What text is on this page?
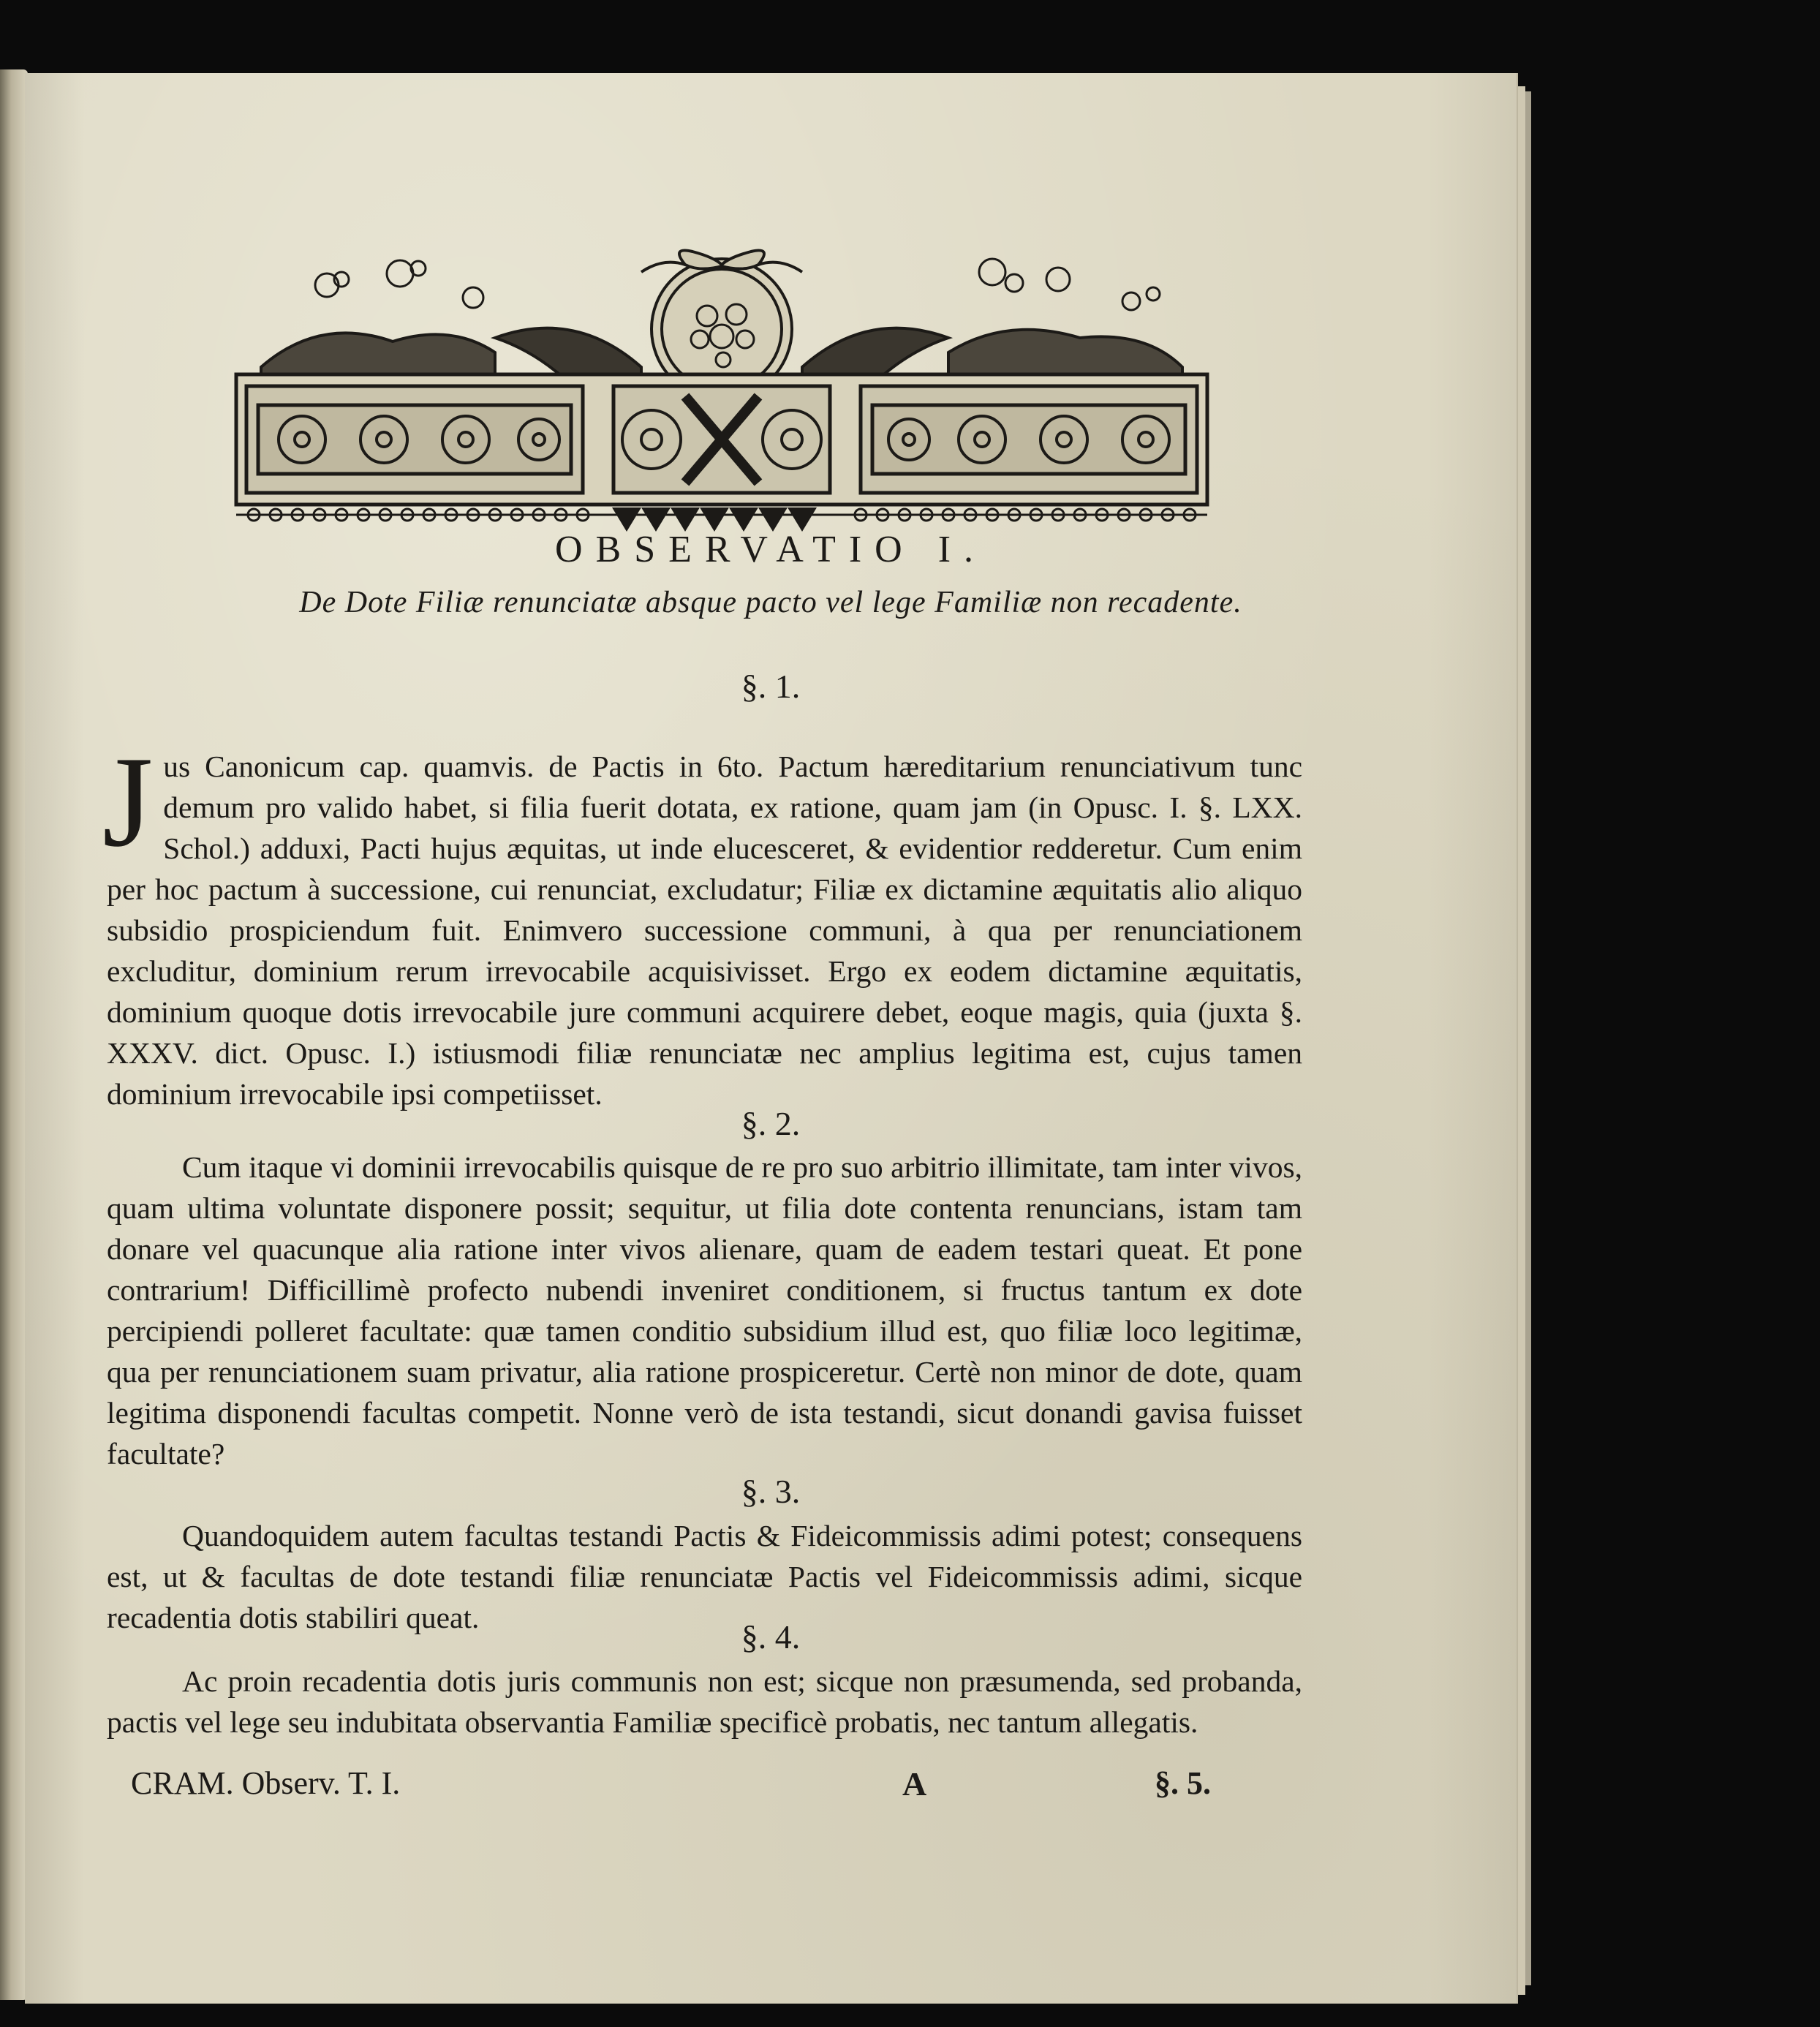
OBSERVATIO I.
De Dote Filiæ renunciatæ absque pacto vel lege Familiæ non recadente.
§. 1.
J us Canonicum cap. quamvis. de Pactis in 6to. Pactum hæreditarium renunciativum tunc demum pro valido habet, si filia fuerit dotata, ex ratione, quam jam (in Opusc. I. §. LXX. Schol.) adduxi, Pacti hujus æquitas, ut inde elucesceret, & evidentior redderetur. Cum enim per hoc pactum à successione, cui renunciat, excludatur; Filiæ ex dictamine æquitatis alio aliquo subsidio prospiciendum fuit. Enimvero successione communi, à qua per renunciationem excluditur, dominium rerum irrevocabile acquisivisset. Ergo ex eodem dictamine æquitatis, dominium quoque dotis irrevocabile jure communi acquirere debet, eoque magis, quia (juxta §. XXXV. dict. Opusc. I.) istiusmodi filiæ renunciatæ nec amplius legitima est, cujus tamen dominium irrevocabile ipsi competiisset.
§. 2.
Cum itaque vi dominii irrevocabilis quisque de re pro suo arbitrio illimitate, tam inter vivos, quam ultima voluntate disponere possit; sequitur, ut filia dote contenta renuncians, istam tam donare vel quacunque alia ratione inter vivos alienare, quam de eadem testari queat. Et pone contrarium! Difficillimè profecto nubendi inveniret conditionem, si fructus tantum ex dote percipiendi polleret facultate: quæ tamen conditio subsidium illud est, quo filiæ loco legitimæ, qua per renunciationem suam privatur, alia ratione prospiceretur. Certè non minor de dote, quam legitima disponendi facultas competit. Nonne verò de ista testandi, sicut donandi gavisa fuisset facultate?
§. 3.
Quandoquidem autem facultas testandi Pactis & Fideicommissis adimi potest; consequens est, ut & facultas de dote testandi filiæ renunciatæ Pactis vel Fideicommissis adimi, sicque recadentia dotis stabiliri queat.
§. 4.
Ac proin recadentia dotis juris communis non est; sicque non præsumenda, sed probanda, pactis vel lege seu indubitata observantia Familiæ specificè probatis, nec tantum allegatis.
CRAM. Observ. T. I.	A	§. 5.
